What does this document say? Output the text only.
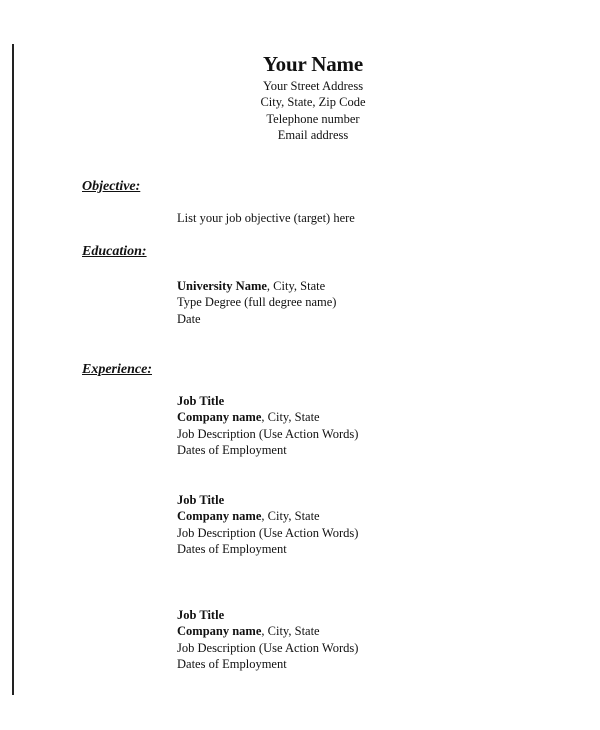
Your Name
Your Street Address
City, State, Zip Code
Telephone number
Email address
Objective:
List your job objective (target) here
Education:
University Name, City, State
Type Degree (full degree name)
Date
Experience:
Job Title
Company name, City, State
Job Description (Use Action Words)
Dates of Employment
Job Title
Company name, City, State
Job Description (Use Action Words)
Dates of Employment
Job Title
Company name, City, State
Job Description (Use Action Words)
Dates of Employment
